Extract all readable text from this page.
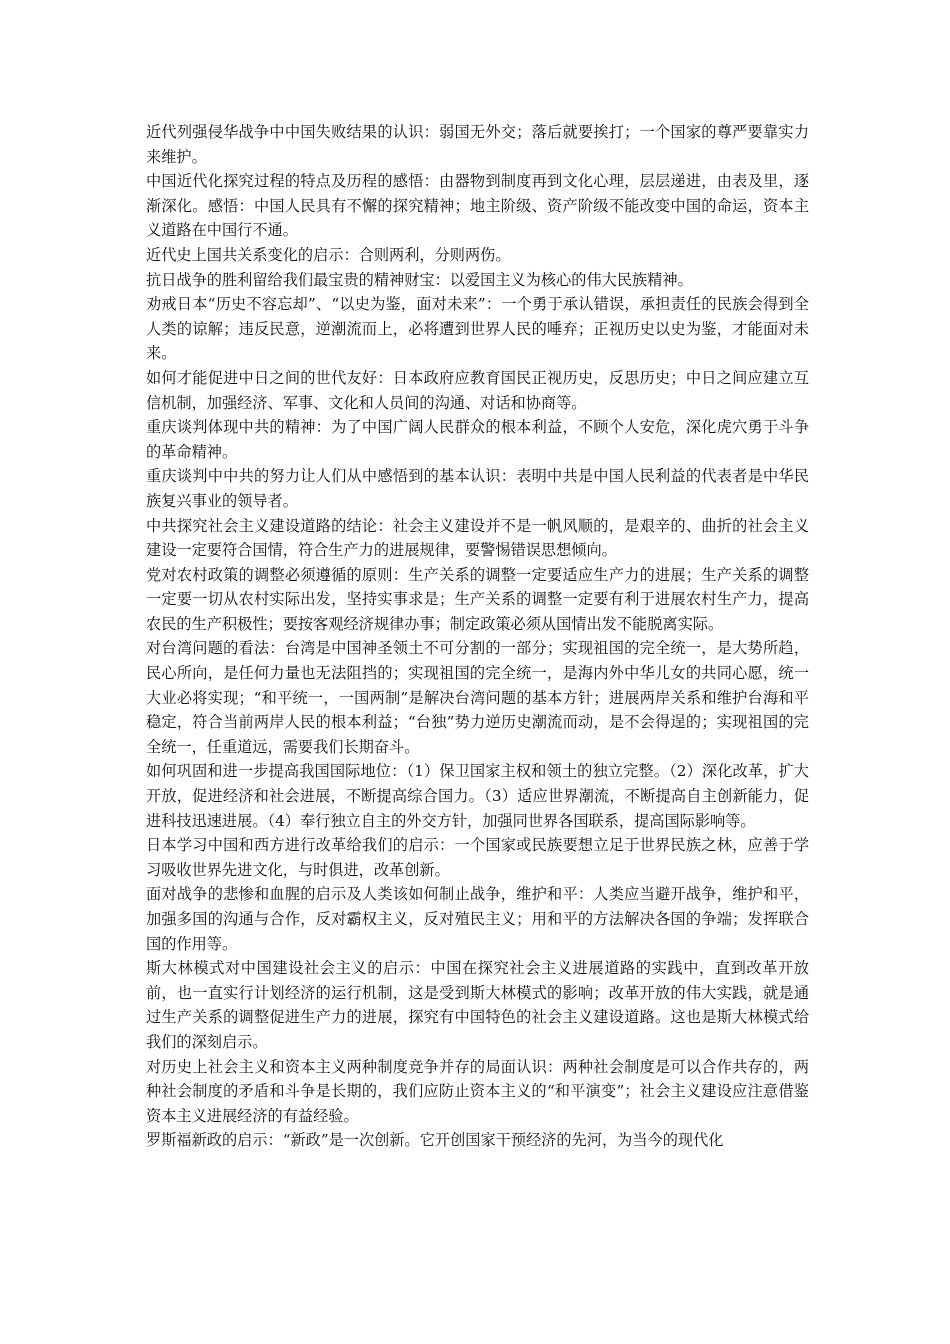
近代列强侵华战争中中国失败结果的认识：弱国无外交；落后就要挨打；一个国家的尊严要靠实力来维护。

中国近代化探究过程的特点及历程的感悟：由器物到制度再到文化心理，层层递进，由表及里，逐渐深化。感悟：中国人民具有不懈的探究精神；地主阶级、资产阶级不能改变中国的命运，资本主义道路在中国行不通。

近代史上国共关系变化的启示：合则两利，分则两伤。

抗日战争的胜利留给我们最宝贵的精神财宝：以爱国主义为核心的伟大民族精神。

劝戒日本“历史不容忘却”、“以史为鉴，面对未来”：一个勇于承认错误，承担责任的民族会得到全人类的谅解；违反民意，逆潮流而上，必将遭到世界人民的唾弃；正视历史以史为鉴，才能面对未来。

如何才能促进中日之间的世代友好：日本政府应教育国民正视历史，反思历史；中日之间应建立互信机制，加强经济、军事、文化和人员间的沟通、对话和协商等。

重庆谈判体现中共的精神：为了中国广阔人民群众的根本利益，不顾个人安危，深化虎穴勇于斗争的革命精神。

重庆谈判中中共的努力让人们从中感悟到的基本认识：表明中共是中国人民利益的代表者是中华民族复兴事业的领导者。

中共探究社会主义建设道路的结论：社会主义建设并不是一帆风顺的，是艰辛的、曲折的社会主义建设一定要符合国情，符合生产力的进展规律，要警惕错误思想倾向。

党对农村政策的调整必须遵循的原则：生产关系的调整一定要适应生产力的进展；生产关系的调整一定要一切从农村实际出发，坚持实事求是；生产关系的调整一定要有利于进展农村生产力，提高农民的生产积极性；要按客观经济规律办事；制定政策必须从国情出发不能脱离实际。

对台湾问题的看法：台湾是中国神圣领土不可分割的一部分；实现祖国的完全统一，是大势所趋，民心所向，是任何力量也无法阻挡的；实现祖国的完全统一，是海内外中华儿女的共同心愿，统一大业必将实现；“和平统一，一国两制”是解决台湾问题的基本方针；进展两岸关系和维护台海和平稳定，符合当前两岸人民的根本利益；“台独”势力逆历史潮流而动，是不会得逞的；实现祖国的完全统一，任重道远，需要我们长期奋斗。

如何巩固和进一步提高我国国际地位：（1）保卫国家主权和领土的独立完整。（2）深化改革，扩大开放，促进经济和社会进展，不断提高综合国力。（3）适应世界潮流，不断提高自主创新能力，促进科技迅速进展。（4）奉行独立自主的外交方针，加强同世界各国联系，提高国际影响等。

日本学习中国和西方进行改革给我们的启示：一个国家或民族要想立足于世界民族之林，应善于学习吸收世界先进文化，与时俱进，改革创新。

面对战争的悲惨和血腥的启示及人类该如何制止战争，维护和平：人类应当避开战争，维护和平，加强多国的沟通与合作，反对霸权主义，反对殖民主义；用和平的方法解决各国的争端；发挥联合国的作用等。

斯大林模式对中国建设社会主义的启示：中国在探究社会主义进展道路的实践中，直到改革开放前，也一直实行计划经济的运行机制，这是受到斯大林模式的影响；改革开放的伟大实践，就是通过生产关系的调整促进生产力的进展，探究有中国特色的社会主义建设道路。这也是斯大林模式给我们的深刻启示。

对历史上社会主义和资本主义两种制度竞争并存的局面认识：两种社会制度是可以合作共存的，两种社会制度的矛盾和斗争是长期的，我们应防止资本主义的“和平演变”；社会主义建设应注意借鉴资本主义进展经济的有益经验。

罗斯福新政的启示：“新政”是一次创新。它开创国家干预经济的先河，为当今的现代化
